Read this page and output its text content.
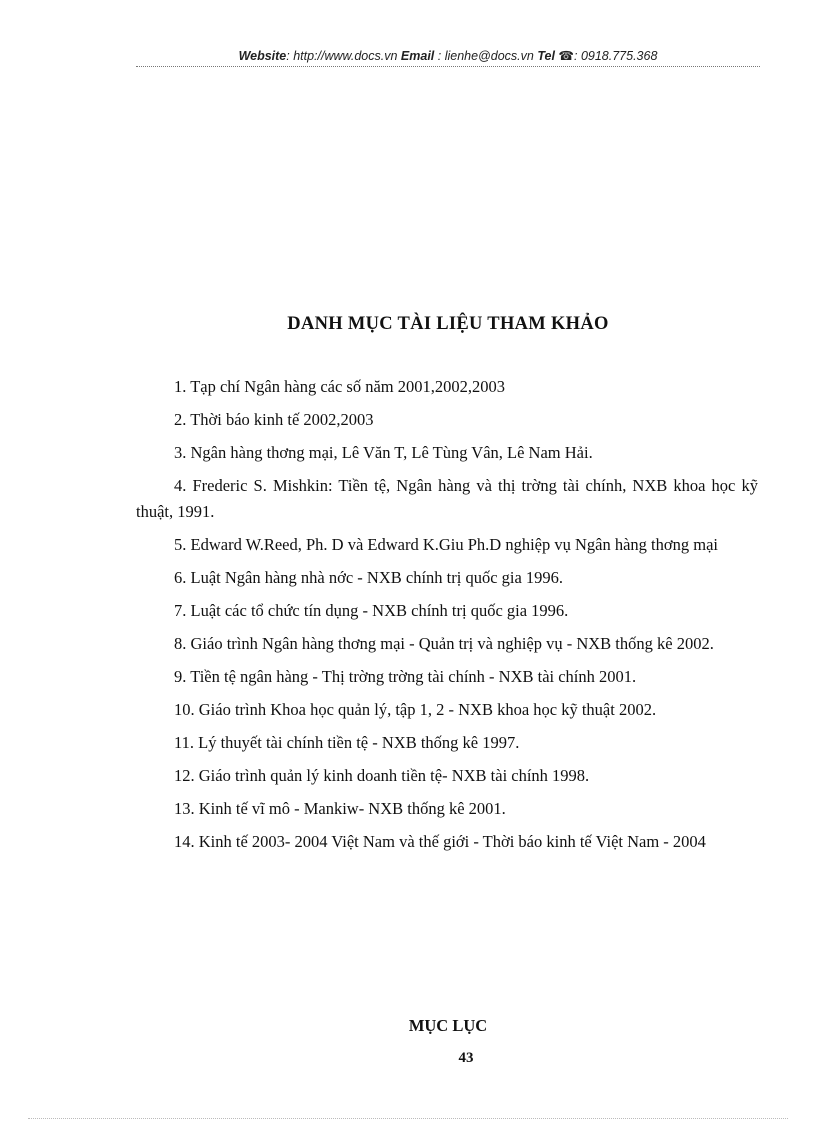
Website: http://www.docs.vn Email : lienhe@docs.vn Tel ☎: 0918.775.368
DANH MỤC TÀI LIỆU THAM KHẢO

1. Tạp chí Ngân hàng các số năm 2001,2002,2003

2. Thời báo kinh tế 2002,2003

3. Ngân hàng thơng mại, Lê Văn T, Lê Tùng Vân, Lê Nam Hải.

4. Frederic S. Mishkin: Tiền tệ, Ngân hàng và thị trờng tài chính, NXB khoa học kỹ thuật, 1991.

5. Edward W.Reed, Ph. D và Edward K.Giu Ph.D nghiệp vụ Ngân hàng thơng mại

6. Luật Ngân hàng nhà nớc - NXB chính trị quốc gia 1996.

7. Luật các tổ chức tín dụng - NXB chính trị quốc gia 1996.

8. Giáo trình Ngân hàng thơng mại - Quản trị và nghiệp vụ - NXB thống kê 2002.

9. Tiền tệ ngân hàng - Thị trờng trờng tài chính - NXB tài chính 2001.

10. Giáo trình Khoa học quản lý, tập 1, 2 - NXB khoa học kỹ thuật 2002.

11. Lý thuyết tài chính tiền tệ - NXB thống kê 1997.

12. Giáo trình quản lý kinh doanh tiền tệ- NXB tài chính 1998.

13. Kinh tế vĩ mô - Mankiw- NXB thống kê 2001.

14. Kinh tế 2003- 2004 Việt Nam và thế giới - Thời báo kinh tế Việt Nam - 2004

MỤC LỤC
43
